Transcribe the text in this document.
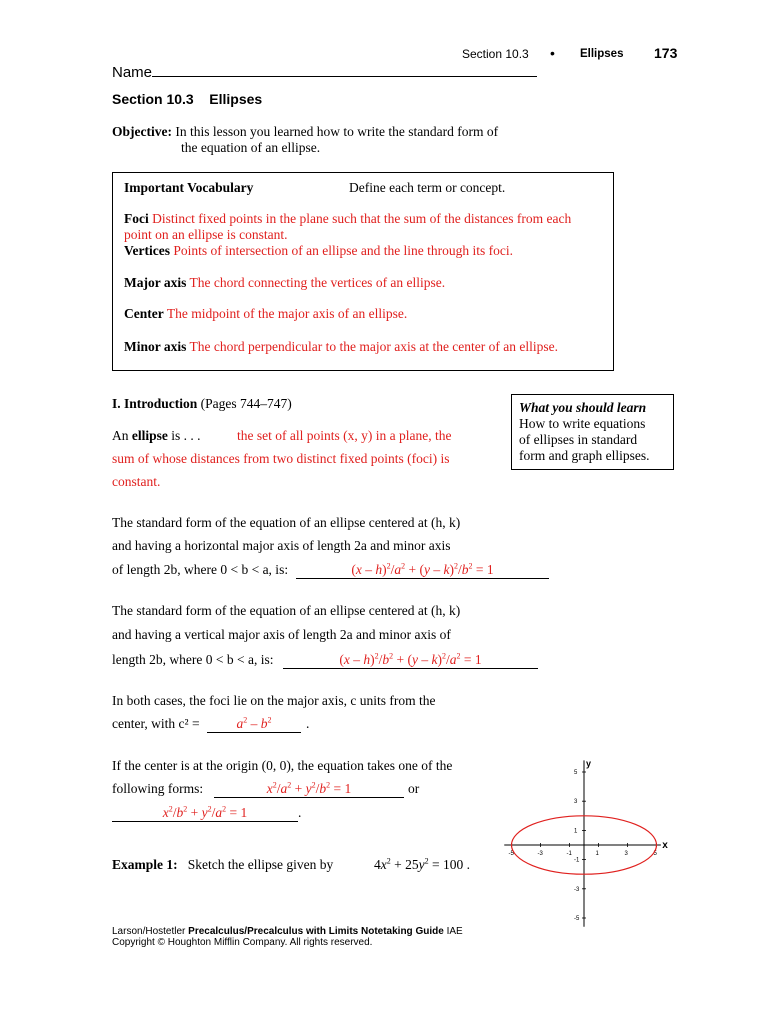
Section 10.3 • Ellipses 173
Name
Section 10.3    Ellipses
Objective: In this lesson you learned how to write the standard form of
the equation of an ellipse.
Important Vocabulary	Define each term or concept.
Foci Distinct fixed points in the plane such that the sum of the distances from each
point on an ellipse is constant.
Vertices Points of intersection of an ellipse and the line through its foci.
Major axis The chord connecting the vertices of an ellipse.
Center The midpoint of the major axis of an ellipse.
Minor axis The chord perpendicular to the major axis at the center of an ellipse.
What you should learn
How to write equations
of ellipses in standard
form and graph ellipses.
I. Introduction (Pages 744–747)
An ellipse is . . .	the set of all points (x, y) in a plane, the
sum of whose distances from two distinct fixed points (foci) is
constant.
The standard form of the equation of an ellipse centered at (h, k)
and having a horizontal major axis of length 2a and minor axis
of length 2b, where 0 < b < a, is:	$(x - h)^2/a^2 + (y - k)^2/b^2 = 1$
The standard form of the equation of an ellipse centered at (h, k)
and having a vertical major axis of length 2a and minor axis of
length 2b, where 0 < b < a, is:	$(x - h)^2/b^2 + (y - k)^2/a^2 = 1$
In both cases, the foci lie on the major axis, c units from the
center, with c² =	$a^2 - b^2$	.
If the center is at the origin (0, 0), the equation takes one of the
following forms:	$x^2/a^2 + y^2/b^2 = 1$	or
$x^2/b^2 + y^2/a^2 = 1$	.
Example 1: Sketch the ellipse given by	$4x^2 + 25y^2 = 100$ .
-5	-3	-1	1	3	5
5
3
1
-1
-3
-5
x
y
Larson/Hostetler Precalculus/Precalculus with Limits Notetaking Guide IAE
Copyright © Houghton Mifflin Company. All rights reserved.
